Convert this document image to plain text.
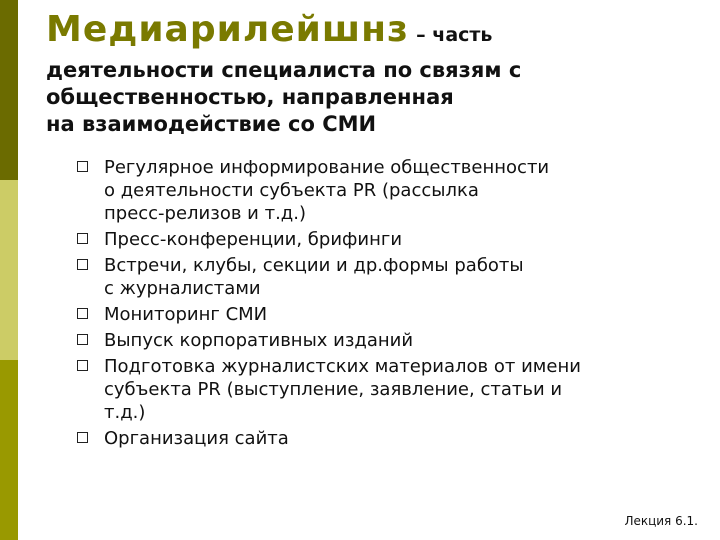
Медиарилейшнз – часть
деятельности специалиста по связям с
общественностью, направленная
на взаимодействие со СМИ
Регулярное информирование общественности
о деятельности субъекта PR (рассылка
пресс-релизов и т.д.)
Пресс-конференции, брифинги
Встречи, клубы, секции и др.формы работы
с журналистами
Мониторинг СМИ
Выпуск корпоративных изданий
Подготовка журналистских материалов от имени
субъекта PR (выступление, заявление, статьи и
т.д.)
Организация сайта
Лекция 6.1.
